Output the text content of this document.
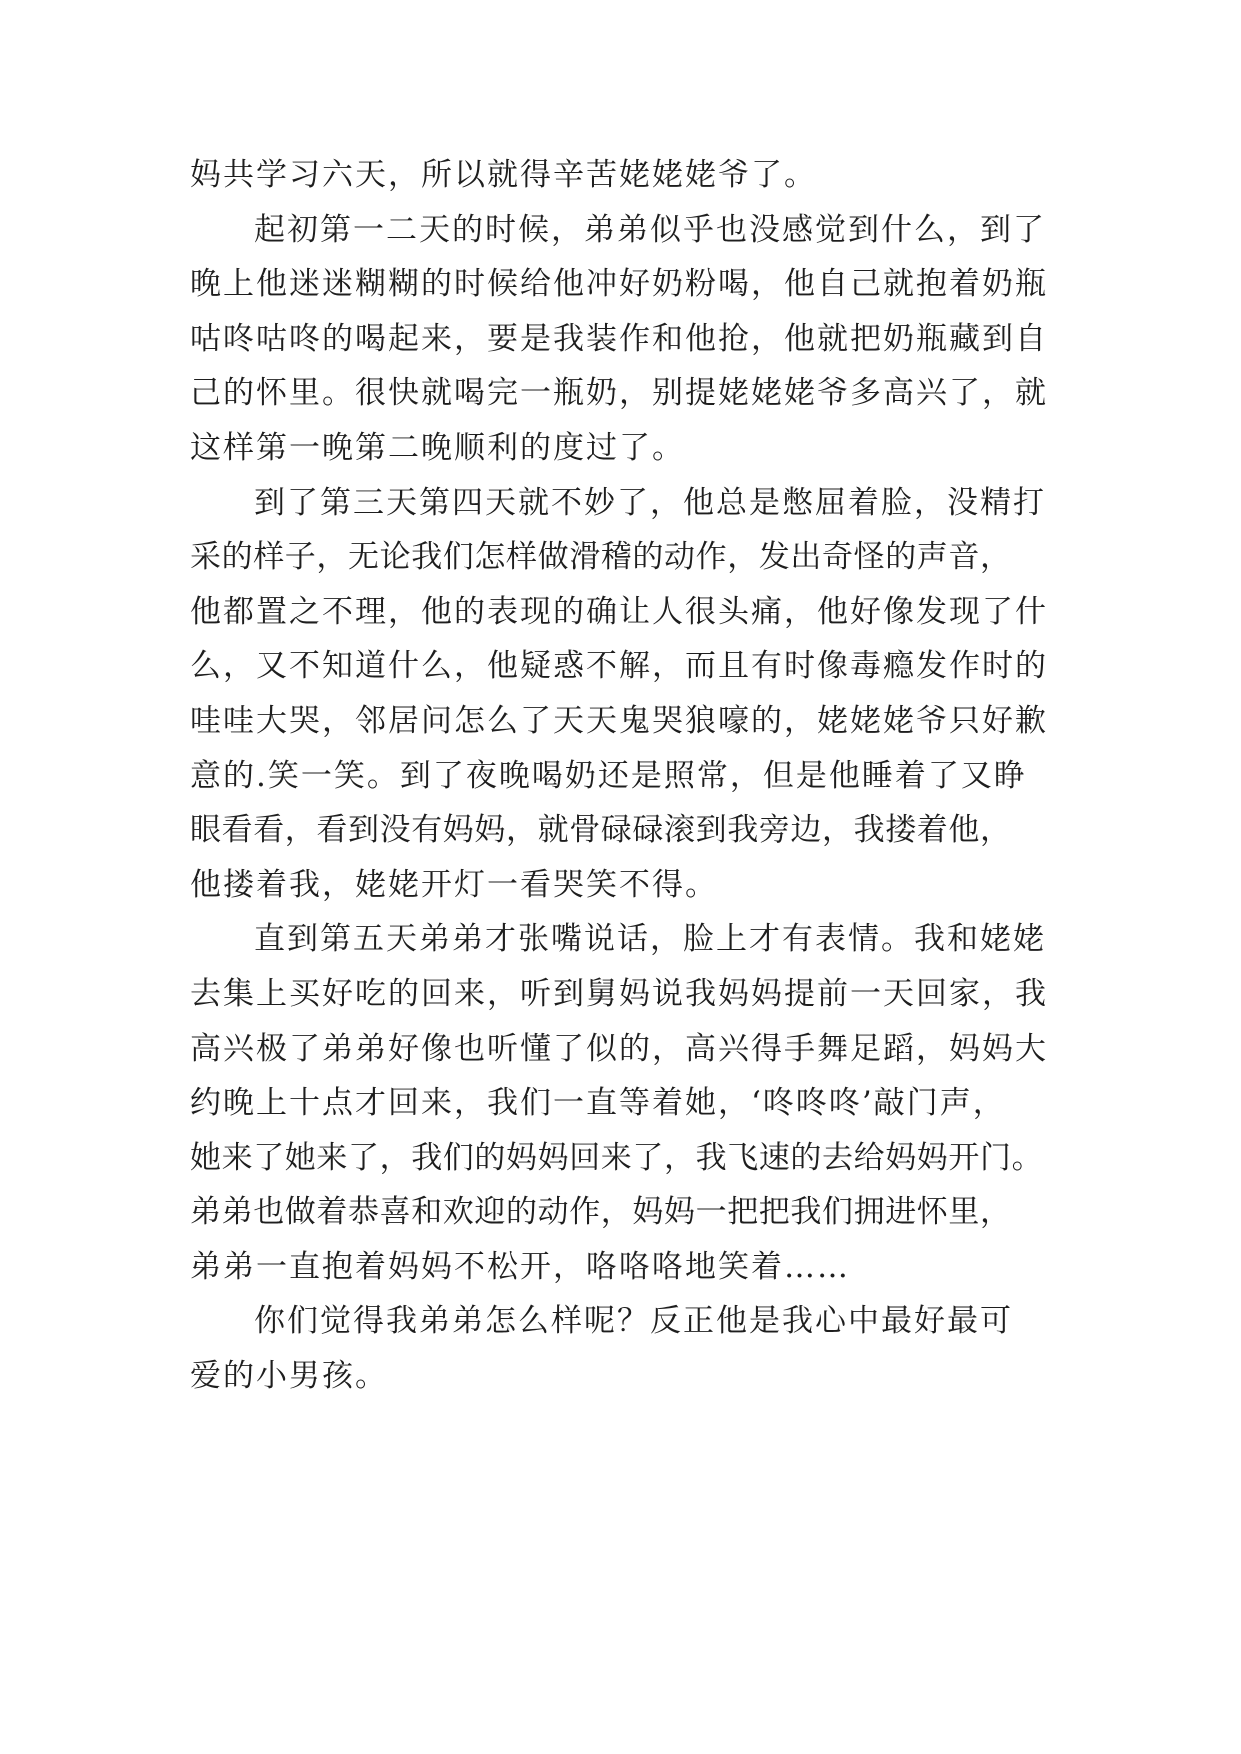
妈共学习六天，所以就得辛苦姥姥姥爷了。
起初第一二天的时候，弟弟似乎也没感觉到什么，到了
晚上他迷迷糊糊的时候给他冲好奶粉喝，他自己就抱着奶瓶
咕咚咕咚的喝起来，要是我装作和他抢，他就把奶瓶藏到自
己的怀里。很快就喝完一瓶奶，别提姥姥姥爷多高兴了，就
这样第一晚第二晚顺利的度过了。
到了第三天第四天就不妙了，他总是憋屈着脸，没精打
采的样子，无论我们怎样做滑稽的动作，发出奇怪的声音，
他都置之不理，他的表现的确让人很头痛，他好像发现了什
么，又不知道什么，他疑惑不解，而且有时像毒瘾发作时的
哇哇大哭，邻居问怎么了天天鬼哭狼嚎的，姥姥姥爷只好歉
意的.笑一笑。到了夜晚喝奶还是照常，但是他睡着了又睁
眼看看，看到没有妈妈，就骨碌碌滚到我旁边，我搂着他，
他搂着我，姥姥开灯一看哭笑不得。
直到第五天弟弟才张嘴说话，脸上才有表情。我和姥姥
去集上买好吃的回来，听到舅妈说我妈妈提前一天回家，我
高兴极了弟弟好像也听懂了似的，高兴得手舞足蹈，妈妈大
约晚上十点才回来，我们一直等着她，‘咚咚咚’敲门声，
她来了她来了，我们的妈妈回来了，我飞速的去给妈妈开门。
弟弟也做着恭喜和欢迎的动作，妈妈一把把我们拥进怀里，
弟弟一直抱着妈妈不松开，咯咯咯地笑着……
你们觉得我弟弟怎么样呢？反正他是我心中最好最可
爱的小男孩。
